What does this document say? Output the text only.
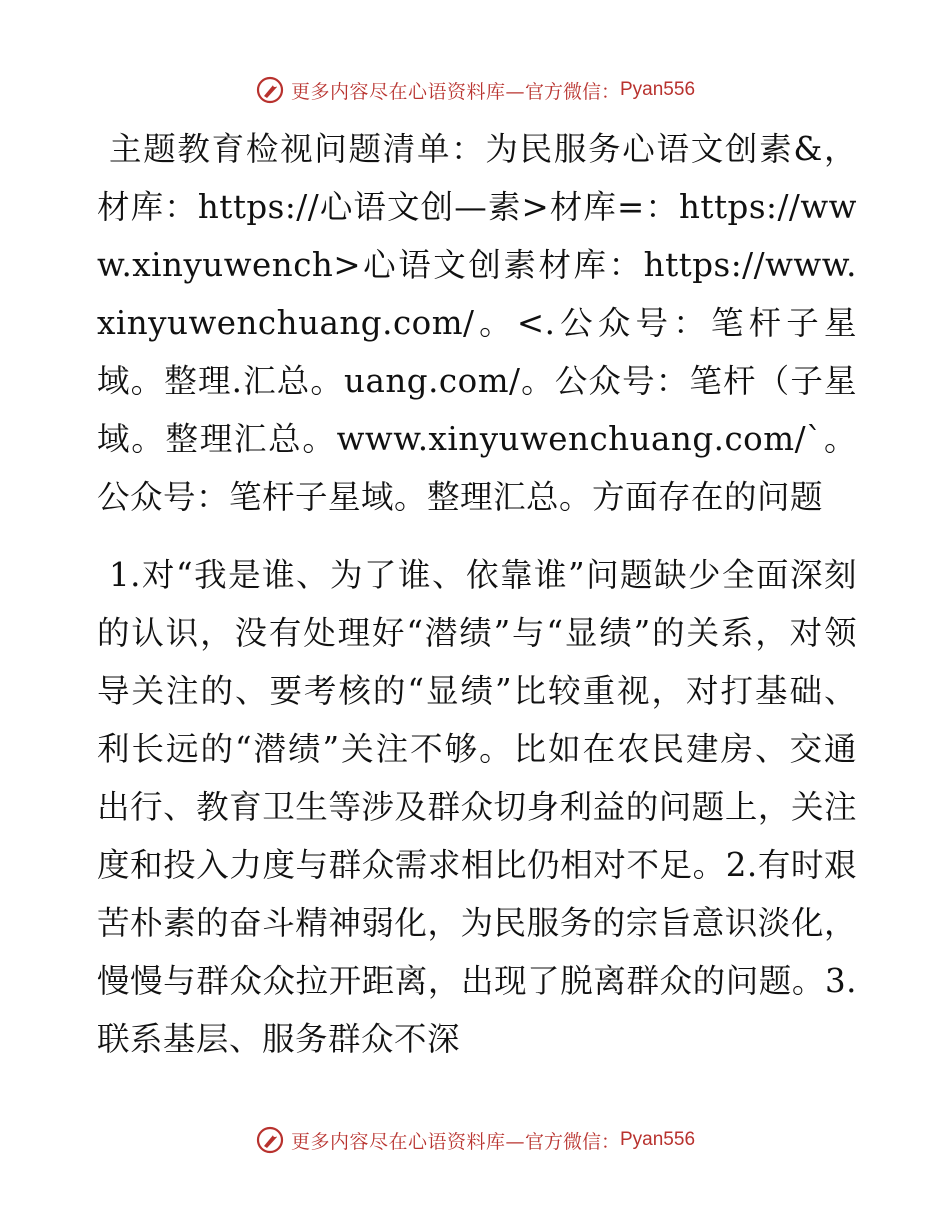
更多内容尽在心语资料库— 官方微信： Pyan556

主题教育检视问题清单：为民服务心语文创素&，材库：https://心语文创—素>材库=：https://www.xinyuwench>心语文创素材库：https://www.xinyuwenchuang.com/。<.公众号：笔杆子星域。整理.汇总。uang.com/。公众号：笔杆（子星域。整理汇总。www.xinyuwenchuang.com/`。公众号：笔杆子星域。整理汇总。方面存在的问题

1.对“我是谁、为了谁、依靠谁”问题缺少全面深刻的认识，没有处理好“潜绩”与“显绩”的关系，对领导关注的、要考核的“显绩”比较重视，对打基础、利长远的“潜绩”关注不够。比如在农民建房、交通出行、教育卫生等涉及群众切身利益的问题上，关注度和投入力度与群众需求相比仍相对不足。2.有时艰苦朴素的奋斗精神弱化，为民服务的宗旨意识淡化，慢慢与群众众拉开距离，出现了脱离群众的问题。3.联系基层、服务群众不深

更多内容尽在心语资料库— 官方微信： Pyan556
